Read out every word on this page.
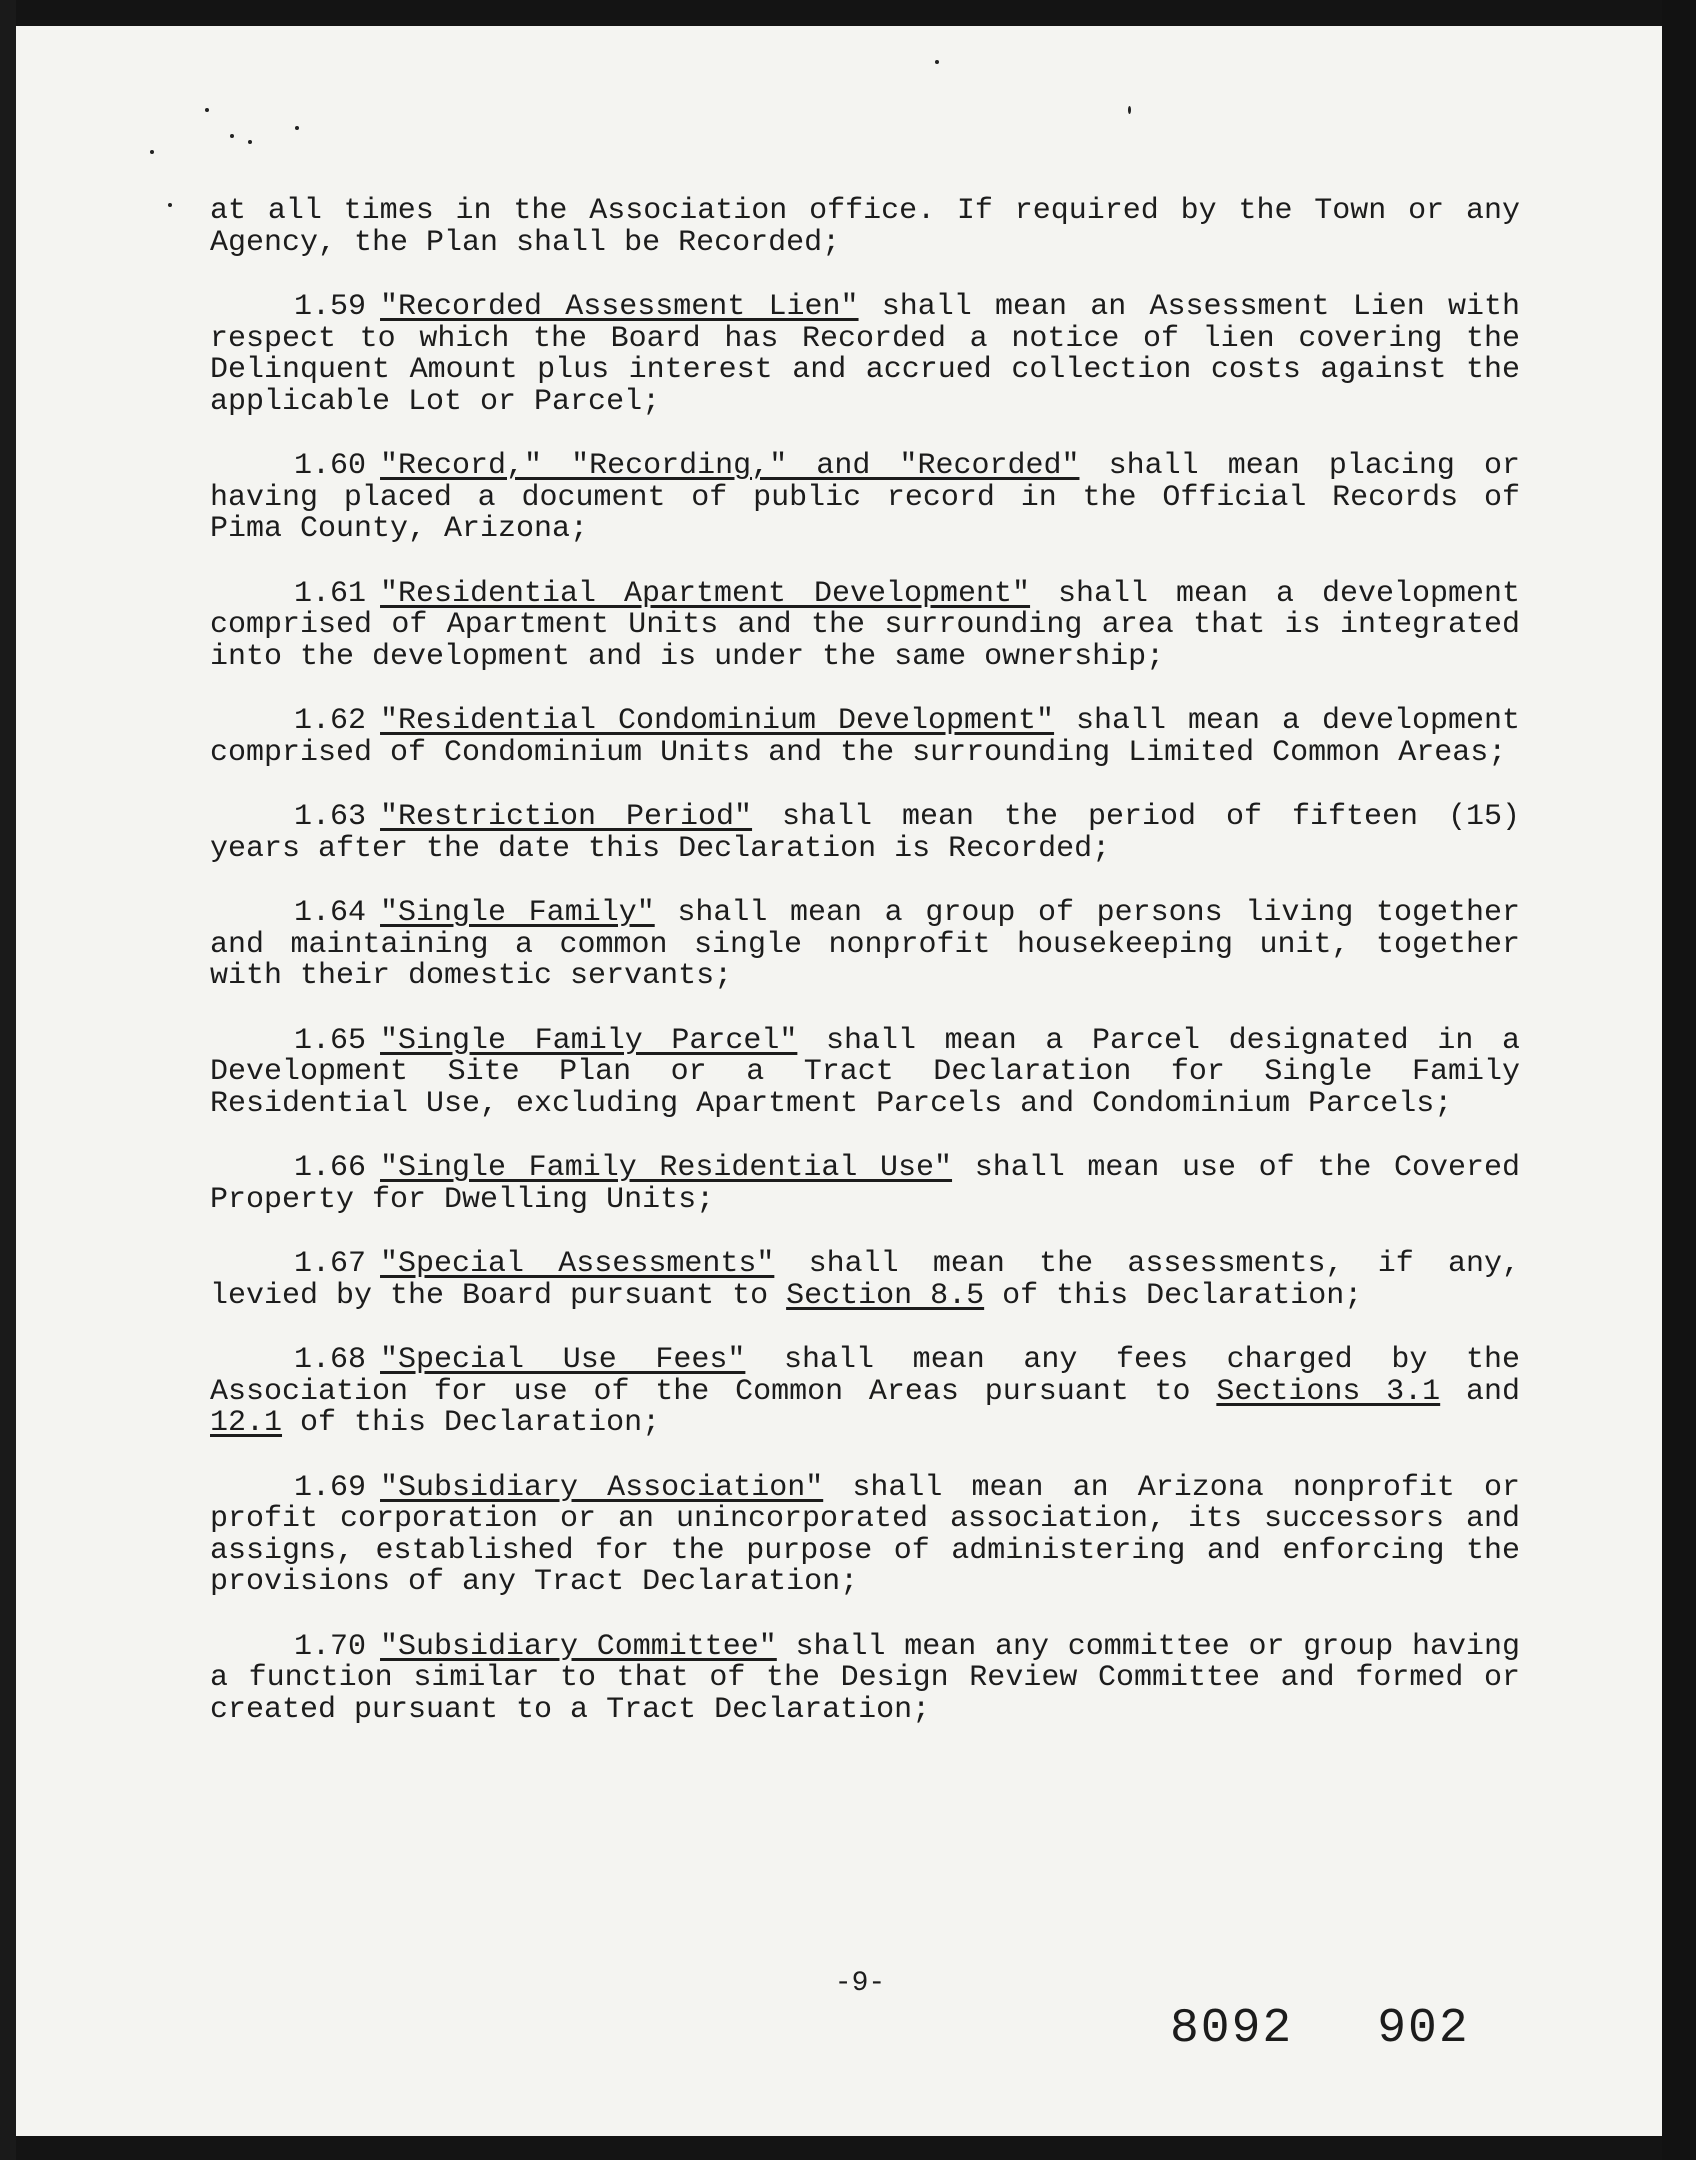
at all times in the Association office. If required by the Town or any Agency, the Plan shall be Recorded;

1.59 "Recorded Assessment Lien" shall mean an Assessment Lien with respect to which the Board has Recorded a notice of lien covering the Delinquent Amount plus interest and accrued collection costs against the applicable Lot or Parcel;

1.60 "Record," "Recording," and "Recorded" shall mean placing or having placed a document of public record in the Official Records of Pima County, Arizona;

1.61 "Residential Apartment Development" shall mean a development comprised of Apartment Units and the surrounding area that is integrated into the development and is under the same ownership;

1.62 "Residential Condominium Development" shall mean a development comprised of Condominium Units and the surrounding Limited Common Areas;

1.63 "Restriction Period" shall mean the period of fifteen (15) years after the date this Declaration is Recorded;

1.64 "Single Family" shall mean a group of persons living together and maintaining a common single nonprofit housekeeping unit, together with their domestic servants;

1.65 "Single Family Parcel" shall mean a Parcel designated in a Development Site Plan or a Tract Declaration for Single Family Residential Use, excluding Apartment Parcels and Condominium Parcels;

1.66 "Single Family Residential Use" shall mean use of the Covered Property for Dwelling Units;

1.67 "Special Assessments" shall mean the assessments, if any, levied by the Board pursuant to Section 8.5 of this Declaration;

1.68 "Special Use Fees" shall mean any fees charged by the Association for use of the Common Areas pursuant to Sections 3.1 and 12.1 of this Declaration;

1.69 "Subsidiary Association" shall mean an Arizona nonprofit or profit corporation or an unincorporated association, its successors and assigns, established for the purpose of administering and enforcing the provisions of any Tract Declaration;

1.70 "Subsidiary Committee" shall mean any committee or group having a function similar to that of the Design Review Committee and formed or created pursuant to a Tract Declaration;

-9-
8092 902
